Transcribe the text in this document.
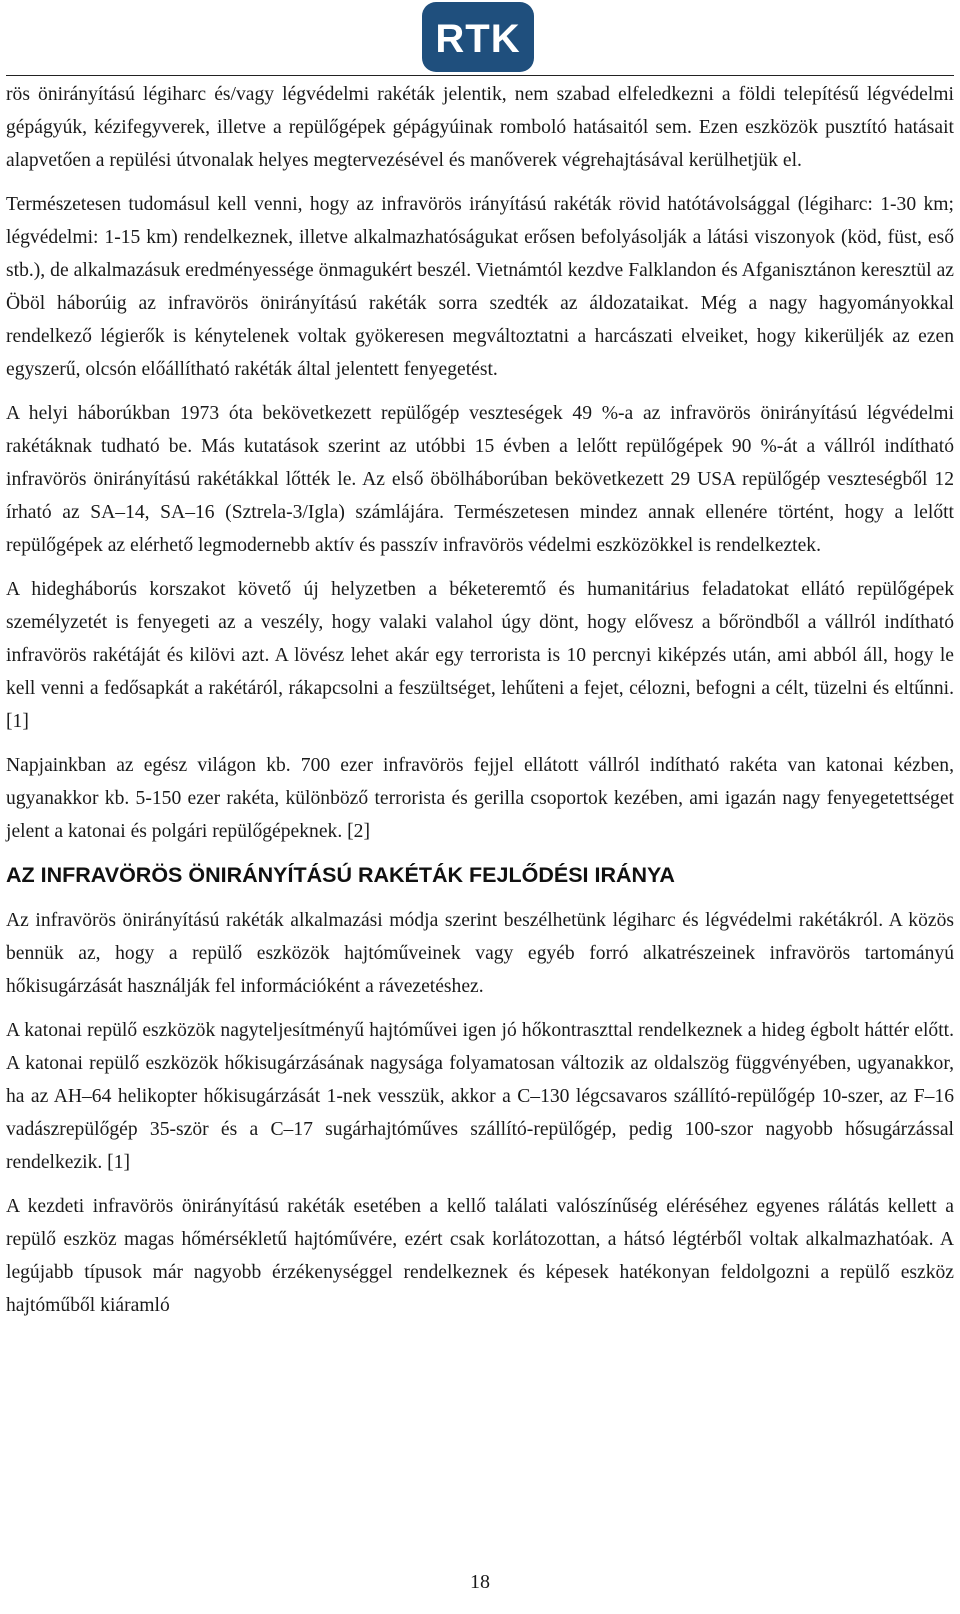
RTK

rös önirányítású légiharc és/vagy légvédelmi rakéták jelentik, nem szabad elfeledkezni a földi telepítésű légvédelmi gépágyúk, kézifegyverek, illetve a repülőgépek gépágyúinak romboló hatásaitól sem. Ezen eszközök pusztító hatásait alapvetően a repülési útvonalak helyes megtervezésével és manőverek végrehajtásával kerülhetjük el.

Természetesen tudomásul kell venni, hogy az infravörös irányítású rakéták rövid hatótávolsággal (légiharc: 1-30 km; légvédelmi: 1-15 km) rendelkeznek, illetve alkalmazhatóságukat erősen befolyásolják a látási viszonyok (köd, füst, eső stb.), de alkalmazásuk eredményessége önmagukért beszél. Vietnámtól kezdve Falklandon és Afganisztánon keresztül az Öböl háborúig az infravörös önirányítású rakéták sorra szedték az áldozataikat. Még a nagy hagyományokkal rendelkező légierők is kénytelenek voltak gyökeresen megváltoztatni a harcászati elveiket, hogy kikerüljék az ezen egyszerű, olcsón előállítható rakéták által jelentett fenyegetést.

A helyi háborúkban 1973 óta bekövetkezett repülőgép veszteségek 49 %-a az infravörös önirányítású légvédelmi rakétáknak tudható be. Más kutatások szerint az utóbbi 15 évben a lelőtt repülőgépek 90 %-át a vállról indítható infravörös önirányítású rakétákkal lőtték le. Az első öbölháborúban bekövetkezett 29 USA repülőgép veszteségből 12 írható az SA–14, SA–16 (Sztrela-3/Igla) számlájára. Természetesen mindez annak ellenére történt, hogy a lelőtt repülőgépek az elérhető legmodernebb aktív és passzív infravörös védelmi eszközökkel is rendelkeztek.

A hidegháborús korszakot követő új helyzetben a béketeremtő és humanitárius feladatokat ellátó repülőgépek személyzetét is fenyegeti az a veszély, hogy valaki valahol úgy dönt, hogy elővesz a bőröndből a vállról indítható infravörös rakétáját és kilövi azt. A lövész lehet akár egy terrorista is 10 percnyi kiképzés után, ami abból áll, hogy le kell venni a fedősapkát a rakétáról, rákapcsolni a feszültséget, lehűteni a fejet, célozni, befogni a célt, tüzelni és eltűnni. [1]

Napjainkban az egész világon kb. 700 ezer infravörös fejjel ellátott vállról indítható rakéta van katonai kézben, ugyanakkor kb. 5-150 ezer rakéta, különböző terrorista és gerilla csoportok kezében, ami igazán nagy fenyegetettséget jelent a katonai és polgári repülőgépeknek. [2]

AZ INFRAVÖRÖS ÖNIRÁNYÍTÁSÚ RAKÉTÁK FEJLŐDÉSI IRÁNYA

Az infravörös önirányítású rakéták alkalmazási módja szerint beszélhetünk légiharc és légvédelmi rakétákról. A közös bennük az, hogy a repülő eszközök hajtóműveinek vagy egyéb forró alkatrészeinek infravörös tartományú hőkisugárzását használják fel információként a rávezetéshez.

A katonai repülő eszközök nagyteljesítményű hajtóművei igen jó hőkontraszttal rendelkeznek a hideg égbolt háttér előtt. A katonai repülő eszközök hőkisugárzásának nagysága folyamatosan változik az oldalszög függvényében, ugyanakkor, ha az AH–64 helikopter hőkisugárzását 1-nek vesszük, akkor a C–130 légcsavaros szállító-repülőgép 10-szer, az F–16 vadászrepülőgép 35-ször és a C–17 sugárhajtóműves szállító-repülőgép, pedig 100-szor nagyobb hősugárzással rendelkezik. [1]

A kezdeti infravörös önirányítású rakéták esetében a kellő találati valószínűség eléréséhez egyenes rálátás kellett a repülő eszköz magas hőmérsékletű hajtóművére, ezért csak korlátozottan, a hátsó légtérből voltak alkalmazhatóak. A legújabb típusok már nagyobb érzékenységgel rendelkeznek és képesek hatékonyan feldolgozni a repülő eszköz hajtóműből kiáramló

18
